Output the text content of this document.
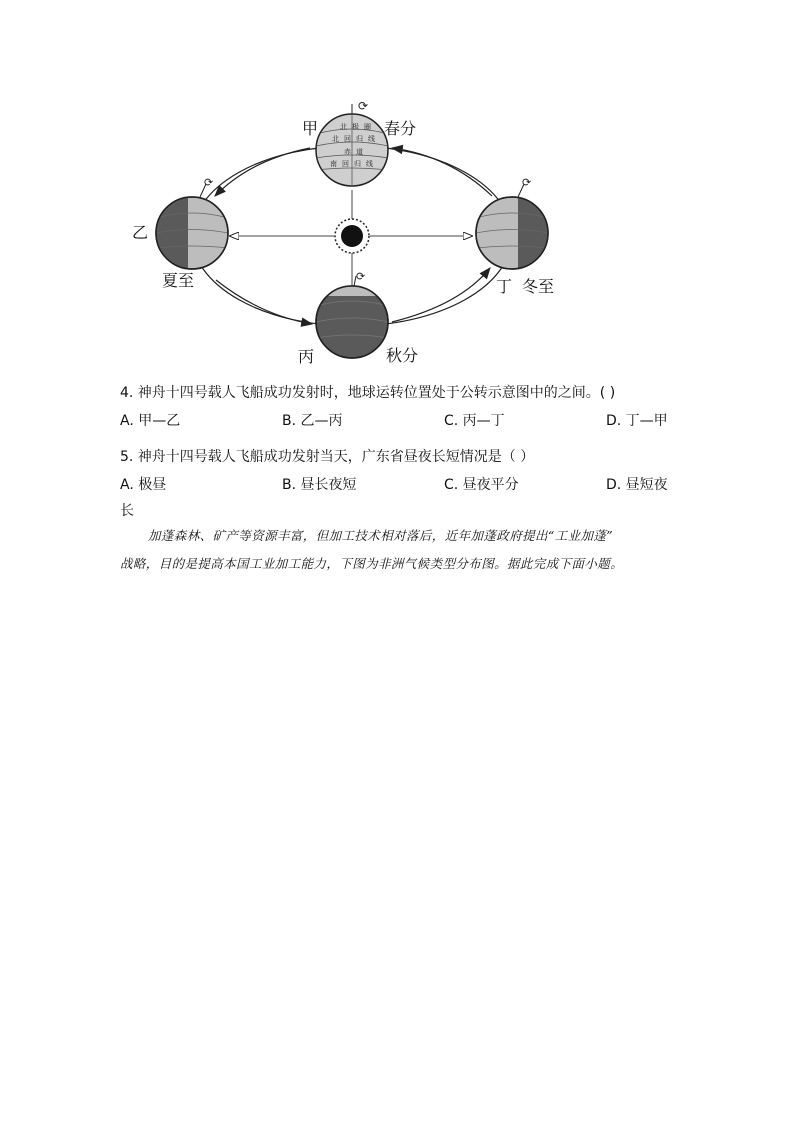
⟳
北 极 圈
北 回 归 线
赤 道
南 回 归 线
⟳	⟳
⟳
甲	春分
乙
夏至	丁 冬至
丙	秋分
4. 神舟十四号载人飞船成功发射时，地球运转位置处于公转示意图中的之间。( )
A. 甲—乙	B. 乙—丙	C. 丙—丁	D. 丁—甲
5. 神舟十四号载人飞船成功发射当天，广东省昼夜长短情况是（ ）
A. 极昼	B. 昼长夜短	C. 昼夜平分	D. 昼短夜
长

加蓬森林、矿产等资源丰富，但加工技术相对落后，近年加蓬政府提出“工业加蓬”

战略，目的是提高本国工业加工能力，下图为非洲气候类型分布图。据此完成下面小题。
